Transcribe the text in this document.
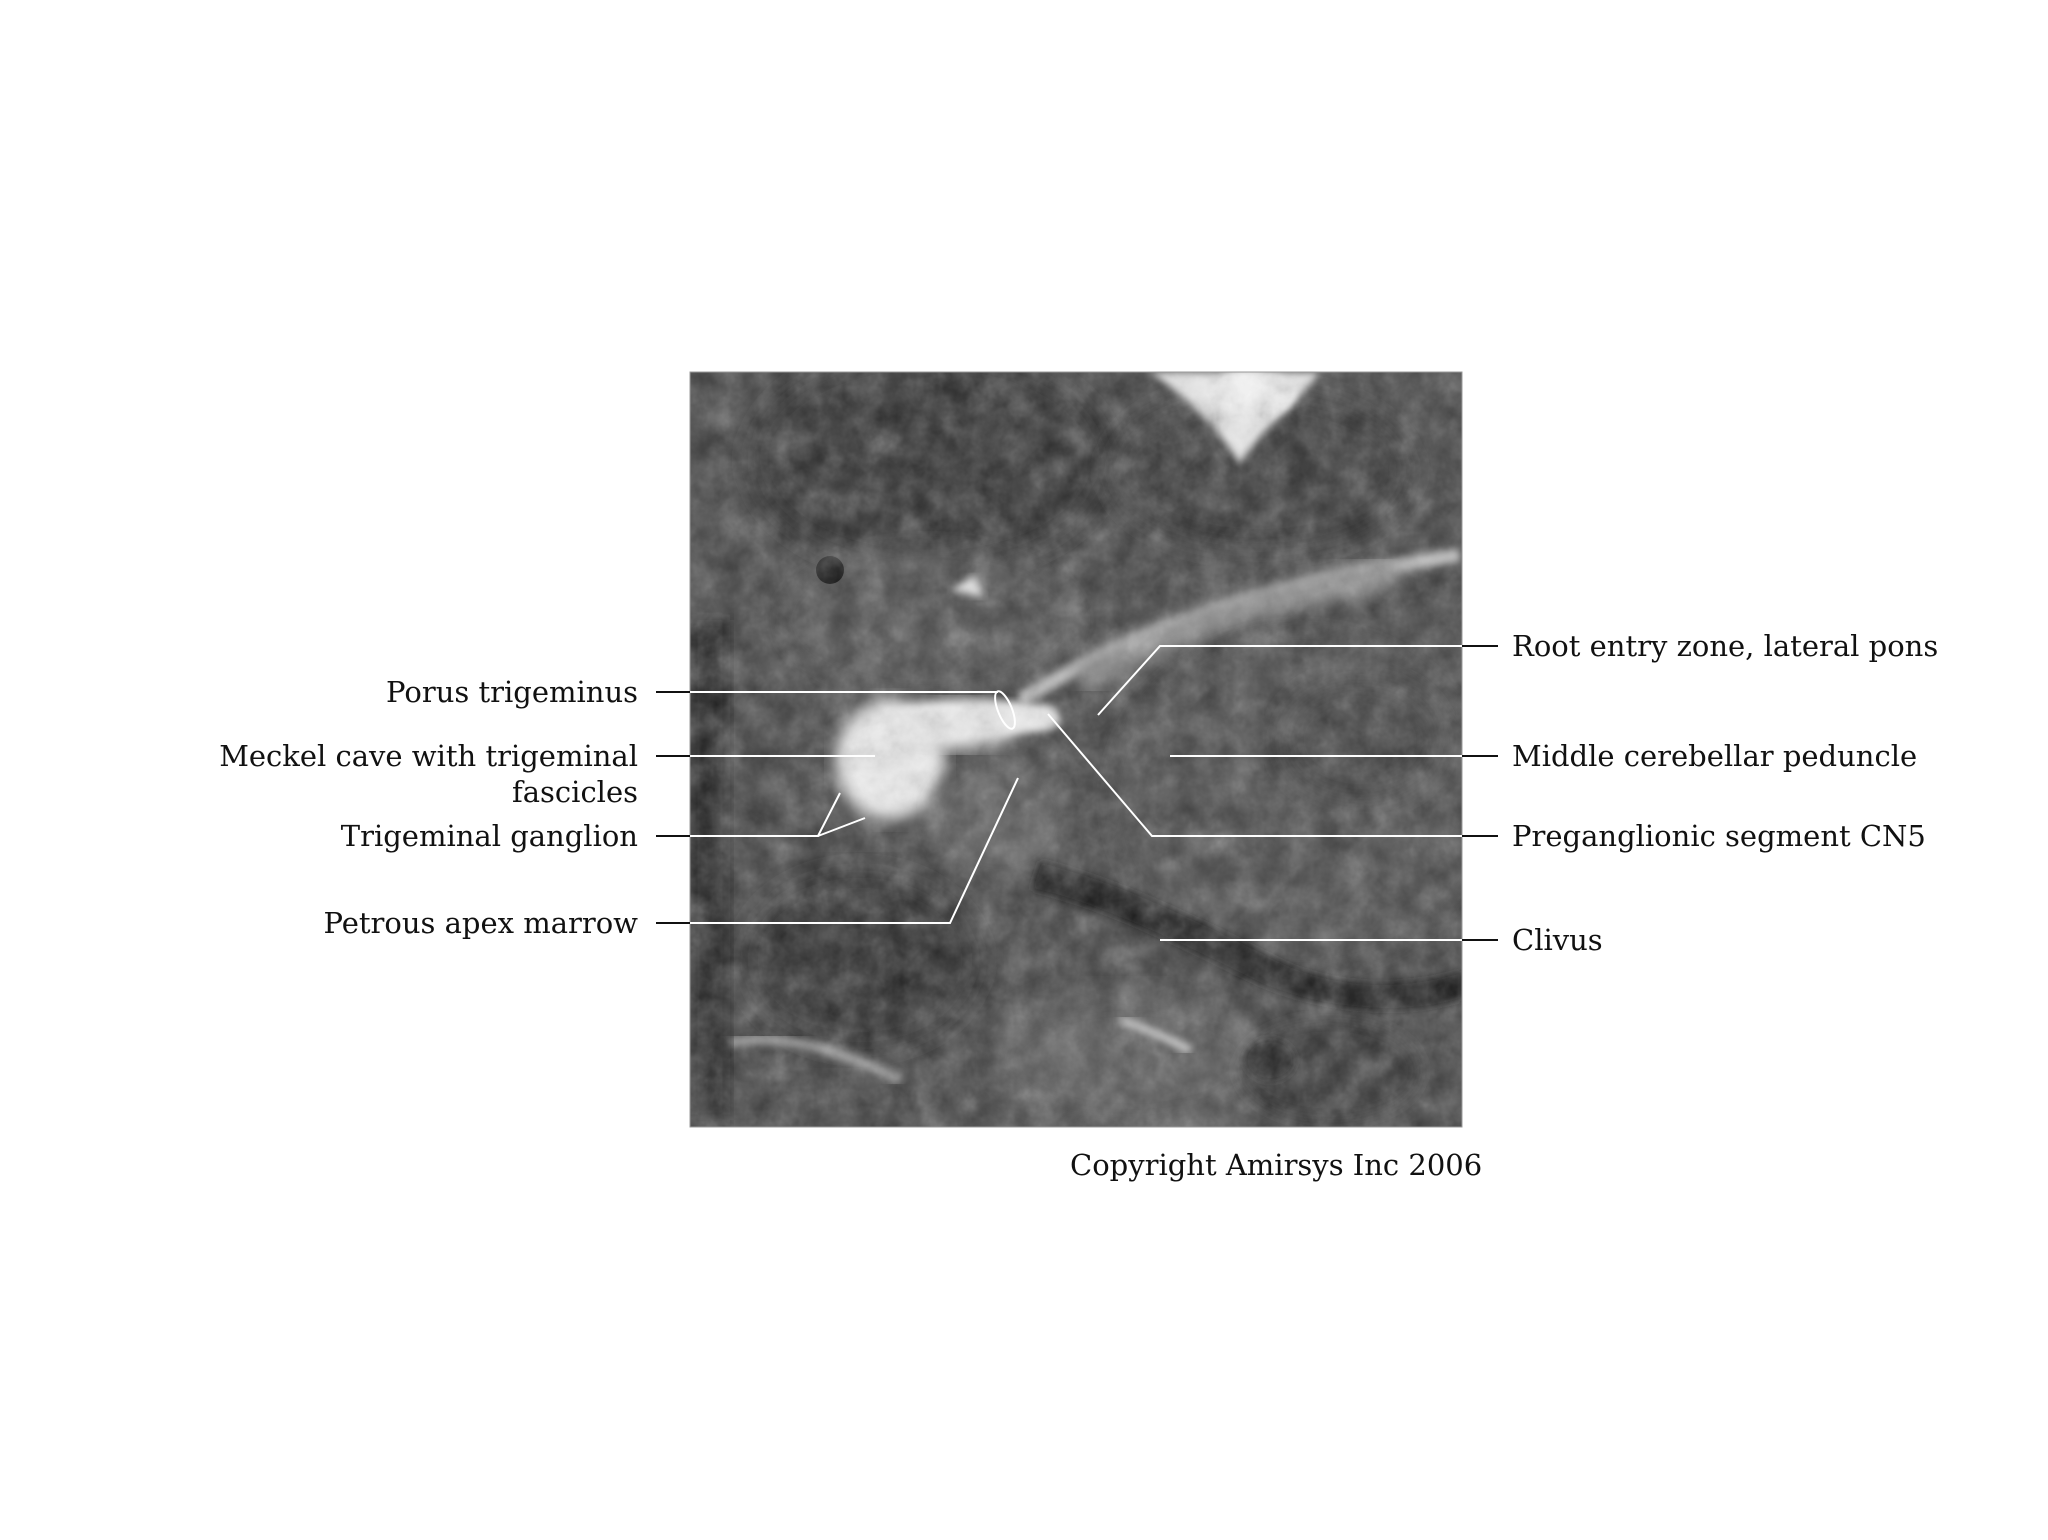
Porus trigeminus
Meckel cave with trigeminal
fascicles
Trigeminal ganglion
Petrous apex marrow
Root entry zone, lateral pons
Middle cerebellar peduncle
Preganglionic segment CN5
Clivus
Copyright Amirsys Inc 2006
